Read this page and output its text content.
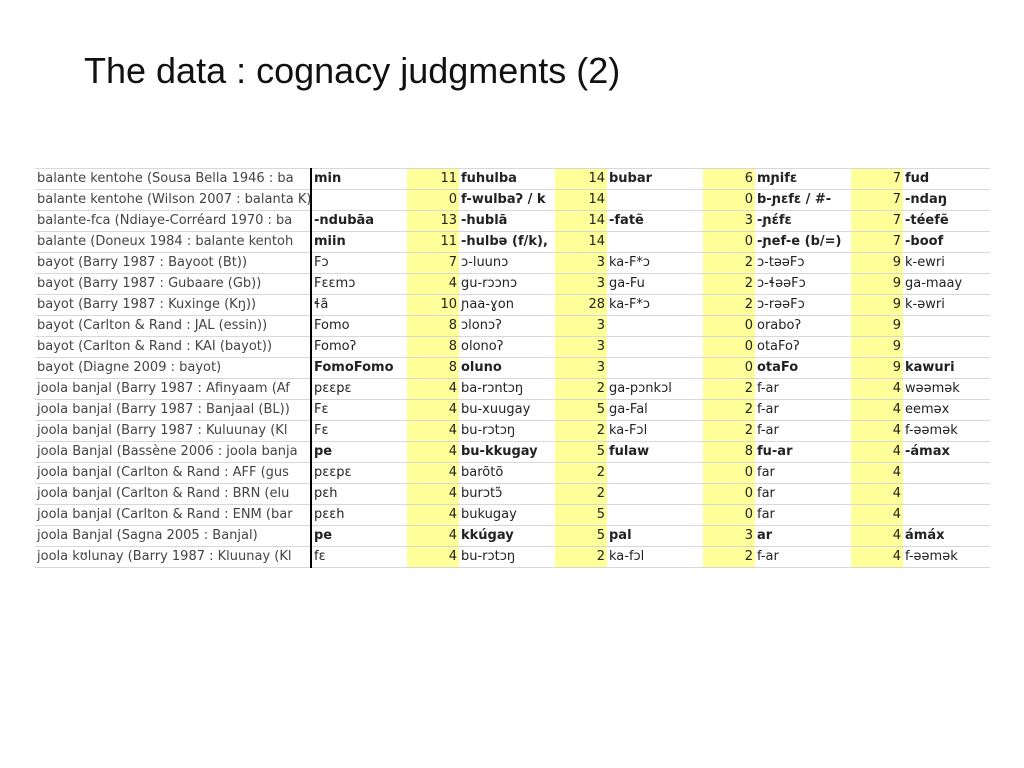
The data : cognacy judgments (2)
balante kentohe (Sousa Bella 1946 : ba	min	11	fuhulba	14	bubar	6	mɲifɛ	7	fud
balante kentohe (Wilson 2007 : balanta K)		0	f-wulbaʔ / k	14		0	b-ɲɛfɛ / #-	7	-ndaŋ
balante-fca (Ndiaye-Corréard 1970 : ba	-ndubāa	13	-hublā	14	-fatẽ	3	-ɲɛ́fɛ	7	-téefẽ
balante (Doneux 1984 : balante kentoh	miin	11	-hulbə (f/k),	14		0	-ɲef-e (b/=)	7	-boof
bayot (Barry 1987 : Bayoot (Bt))	Fɔ	7	ɔ-luunɔ	3	ka-F*ɔ	2	ɔ-təəFɔ	9	k-ewri
bayot (Barry 1987 : Gubaare (Gb))	Fɛɛmɔ	4	gu-rɔɔnɔ	3	ga-Fu	2	ɔ-ɬəəFɔ	9	ga-maay
bayot (Barry 1987 : Kuxinge (Kŋ))	ɬã	10	ɲaa-ɣon	28	ka-F*ɔ	2	ɔ-rəəFɔ	9	k-əwri
bayot (Carlton & Rand : JAL (essin))	Fomo	8	ɔlonɔʔ	3		0	oraboʔ	9	
bayot (Carlton & Rand : KAI (bayot))	Fomoʔ	8	olonoʔ	3		0	otaFoʔ	9	
bayot (Diagne 2009 : bayot)	FomoFomo	8	oluno	3		0	otaFo	9	kawuri
joola banjal (Barry 1987 : Afinyaam (Af	pɛɛpɛ	4	ba-rɔntɔŋ	2	ga-pɔnkɔl	2	f-ar	4	wəəmək
joola banjal (Barry 1987 : Banjaal (BL))	Fɛ	4	bu-xuugay	5	ga-Fal	2	f-ar	4	eeməx
joola banjal (Barry 1987 : Kuluunay (Kl	Fɛ	4	bu-rɔtɔŋ	2	ka-Fɔl	2	f-ar	4	f-əəmək
joola Banjal (Bassène 2006 : joola banja	pe	4	bu-kkugay	5	fulaw	8	fu-ar	4	-ámax
joola banjal (Carlton & Rand : AFF (gus	pɛɛpɛ	4	barõtõ	2		0	far	4	
joola banjal (Carlton & Rand : BRN (elu	pɛh	4	burɔtɔ̃	2		0	far	4	
joola banjal (Carlton & Rand : ENM (bar	pɛɛh	4	bukugay	5		0	far	4	
joola Banjal (Sagna 2005 : Banjal)	pe	4	kkúgay	5	pal	3	ar	4	ámáx
joola kʊlunay (Barry 1987 : Kluunay (Kl	fɛ	4	bu-rɔtɔŋ	2	ka-fɔl	2	f-ar	4	f-əəmək
